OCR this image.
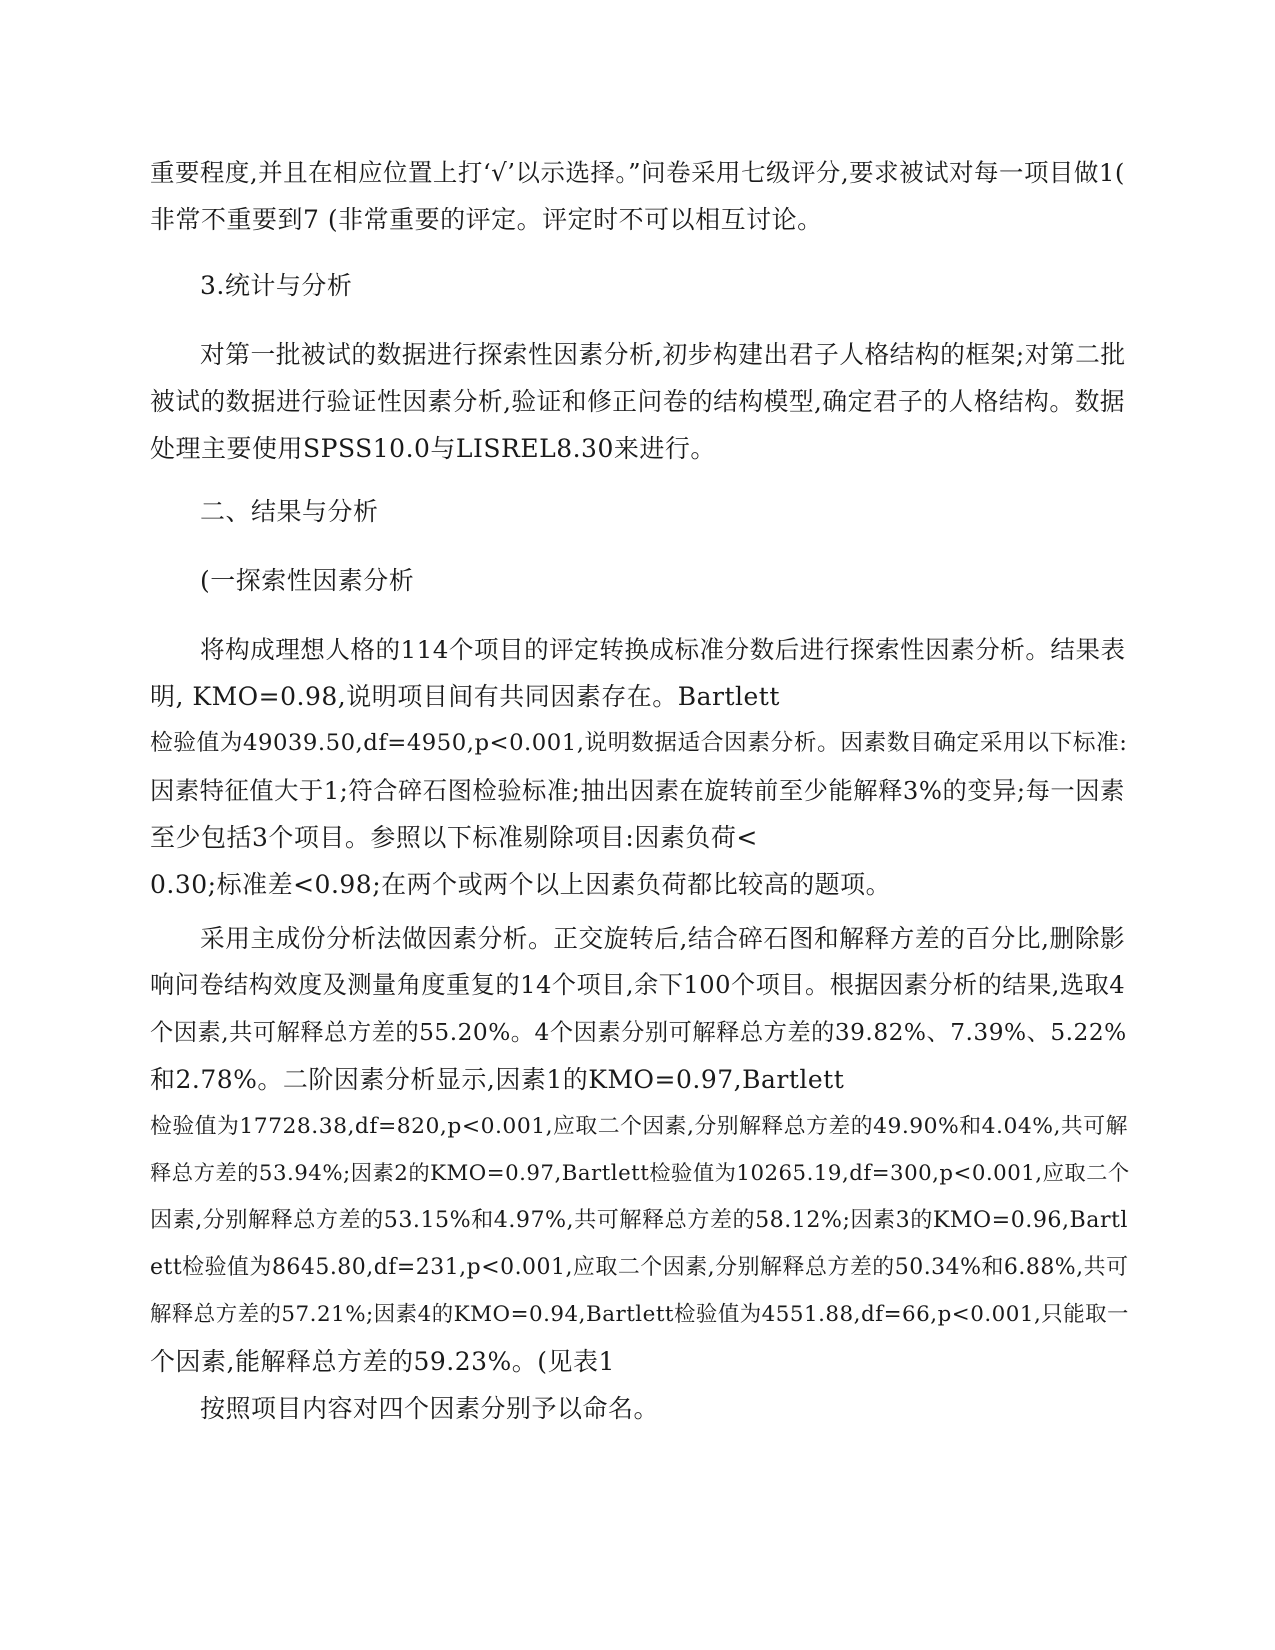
重要程度,并且在相应位置上打‘√’以示选择。”问卷采用七级评分,要求被试对每一项目做1(
非常不重要到7 (非常重要的评定。评定时不可以相互讨论。
3.统计与分析
对第一批被试的数据进行探索性因素分析,初步构建出君子人格结构的框架;对第二批
被试的数据进行验证性因素分析,验证和修正问卷的结构模型,确定君子的人格结构。数据
处理主要使用SPSS10.0与LISREL8.30来进行。
二、结果与分析
(一探索性因素分析
将构成理想人格的114个项目的评定转换成标准分数后进行探索性因素分析。结果表
明, KMO=0.98,说明项目间有共同因素存在。Bartlett
检验值为49039.50,df=4950,p<0.001,说明数据适合因素分析。因素数目确定采用以下标准:
因素特征值大于1;符合碎石图检验标准;抽出因素在旋转前至少能解释3%的变异;每一因素
至少包括3个项目。参照以下标准剔除项目:因素负荷<
0.30;标准差<0.98;在两个或两个以上因素负荷都比较高的题项。
采用主成份分析法做因素分析。正交旋转后,结合碎石图和解释方差的百分比,删除影
响问卷结构效度及测量角度重复的14个项目,余下100个项目。根据因素分析的结果,选取4
个因素,共可解释总方差的55.20%。4个因素分别可解释总方差的39.82%、7.39%、5.22%
和2.78%。二阶因素分析显示,因素1的KMO=0.97,Bartlett
检验值为17728.38,df=820,p<0.001,应取二个因素,分别解释总方差的49.90%和4.04%,共可解
释总方差的53.94%;因素2的KMO=0.97,Bartlett检验值为10265.19,df=300,p<0.001,应取二个
因素,分别解释总方差的53.15%和4.97%,共可解释总方差的58.12%;因素3的KMO=0.96,Bartl
ett检验值为8645.80,df=231,p<0.001,应取二个因素,分别解释总方差的50.34%和6.88%,共可
解释总方差的57.21%;因素4的KMO=0.94,Bartlett检验值为4551.88,df=66,p<0.001,只能取一
个因素,能解释总方差的59.23%。(见表1
按照项目内容对四个因素分别予以命名。
